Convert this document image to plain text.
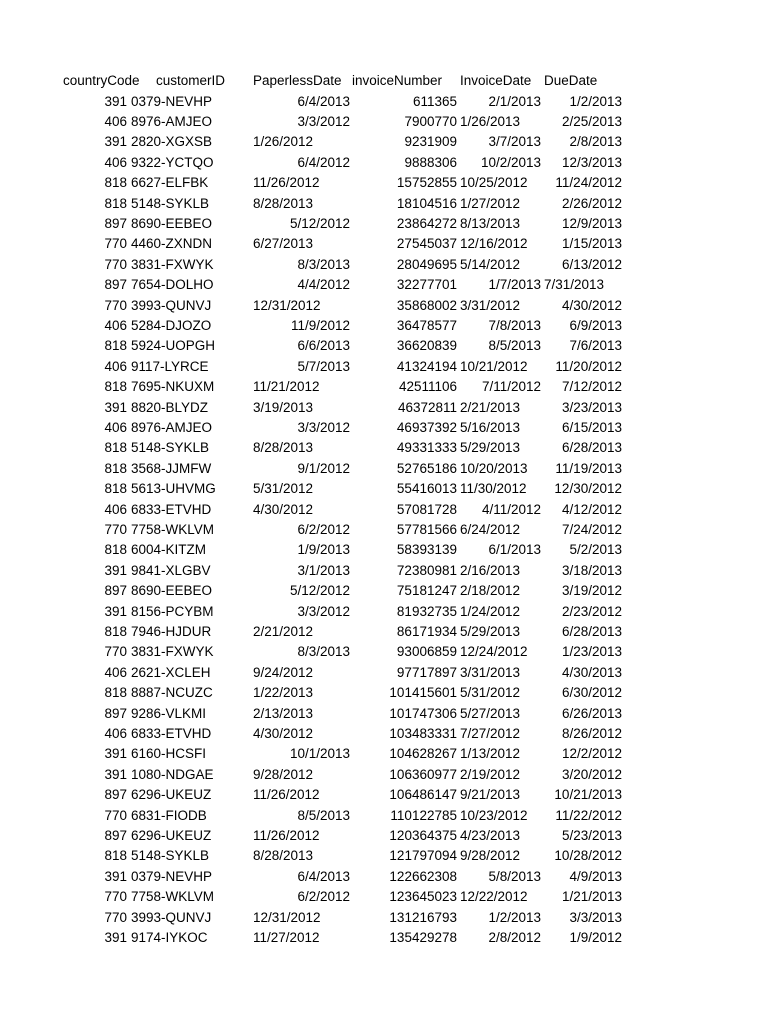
countryCode customerID PaperlessDate invoiceNumber InvoiceDate DueDate
391 0379-NEVHP	6/4/2013	611365 2/1/2013 1/2/2013
406 8976-AMJEO	3/3/2012	7900770 1/26/2013	2/25/2013
391 2820-XGXSB	1/26/2012	9231909 3/7/2013 2/8/2013
406 9322-YCTQO	6/4/2012	9888306 10/2/2013 12/3/2013
818 6627-ELFBK	11/26/2012	15752855 10/25/2012 11/24/2012
818 5148-SYKLB	8/28/2013	18104516 1/27/2012	2/26/2012
897 8690-EEBEO	5/12/2012	23864272 8/13/2013	12/9/2013
770 4460-ZXNDN	6/27/2013	27545037 12/16/2012	1/15/2013
770 3831-FXWYK	8/3/2013	28049695 5/14/2012	6/13/2012
897 7654-DOLHO	4/4/2012	32277701 1/7/2013 7/31/2013
770 3993-QUNVJ	12/31/2012	35868002 3/31/2012	4/30/2012
406 5284-DJOZO	11/9/2012	36478577 7/8/2013 6/9/2013
818 5924-UOPGH	6/6/2013	36620839 8/5/2013 7/6/2013
406 9117-LYRCE	5/7/2013	41324194 10/21/2012 11/20/2012
818 7695-NKUXM	11/21/2012	42511106 7/11/2012 7/12/2012
391 8820-BLYDZ	3/19/2013	46372811 2/21/2013	3/23/2013
406 8976-AMJEO	3/3/2012	46937392 5/16/2013	6/15/2013
818 5148-SYKLB	8/28/2013	49331333 5/29/2013	6/28/2013
818 3568-JJMFW	9/1/2012	52765186 10/20/2013 11/19/2013
818 5613-UHVMG	5/31/2012	55416013 11/30/2012 12/30/2012
406 6833-ETVHD	4/30/2012	57081728 4/11/2012 4/12/2012
770 7758-WKLVM	6/2/2012	57781566 6/24/2012	7/24/2012
818 6004-KITZM	1/9/2013	58393139 6/1/2013 5/2/2013
391 9841-XLGBV	3/1/2013	72380981 2/16/2013	3/18/2013
897 8690-EEBEO	5/12/2012	75181247 2/18/2012	3/19/2012
391 8156-PCYBM	3/3/2012	81932735 1/24/2012	2/23/2012
818 7946-HJDUR	2/21/2012	86171934 5/29/2013	6/28/2013
770 3831-FXWYK	8/3/2013	93006859 12/24/2012	1/23/2013
406 2621-XCLEH	9/24/2012	97717897 3/31/2013	4/30/2013
818 8887-NCUZC	1/22/2013	101415601 5/31/2012	6/30/2012
897 9286-VLKMI	2/13/2013	101747306 5/27/2013	6/26/2013
406 6833-ETVHD	4/30/2012	103483331 7/27/2012	8/26/2012
391 6160-HCSFI	10/1/2013	104628267 1/13/2012	12/2/2012
391 1080-NDGAE	9/28/2012	106360977 2/19/2012	3/20/2012
897 6296-UKEUZ	11/26/2012	106486147 9/21/2013	10/21/2013
770 6831-FIODB	8/5/2013	110122785 10/23/2012 11/22/2012
897 6296-UKEUZ	11/26/2012	120364375 4/23/2013	5/23/2013
818 5148-SYKLB	8/28/2013	121797094 9/28/2012	10/28/2012
391 0379-NEVHP	6/4/2013	122662308 5/8/2013 4/9/2013
770 7758-WKLVM	6/2/2012	123645023 12/22/2012	1/21/2013
770 3993-QUNVJ	12/31/2012	131216793 1/2/2013 3/3/2013
391 9174-IYKOC	11/27/2012	135429278 2/8/2012 1/9/2012
